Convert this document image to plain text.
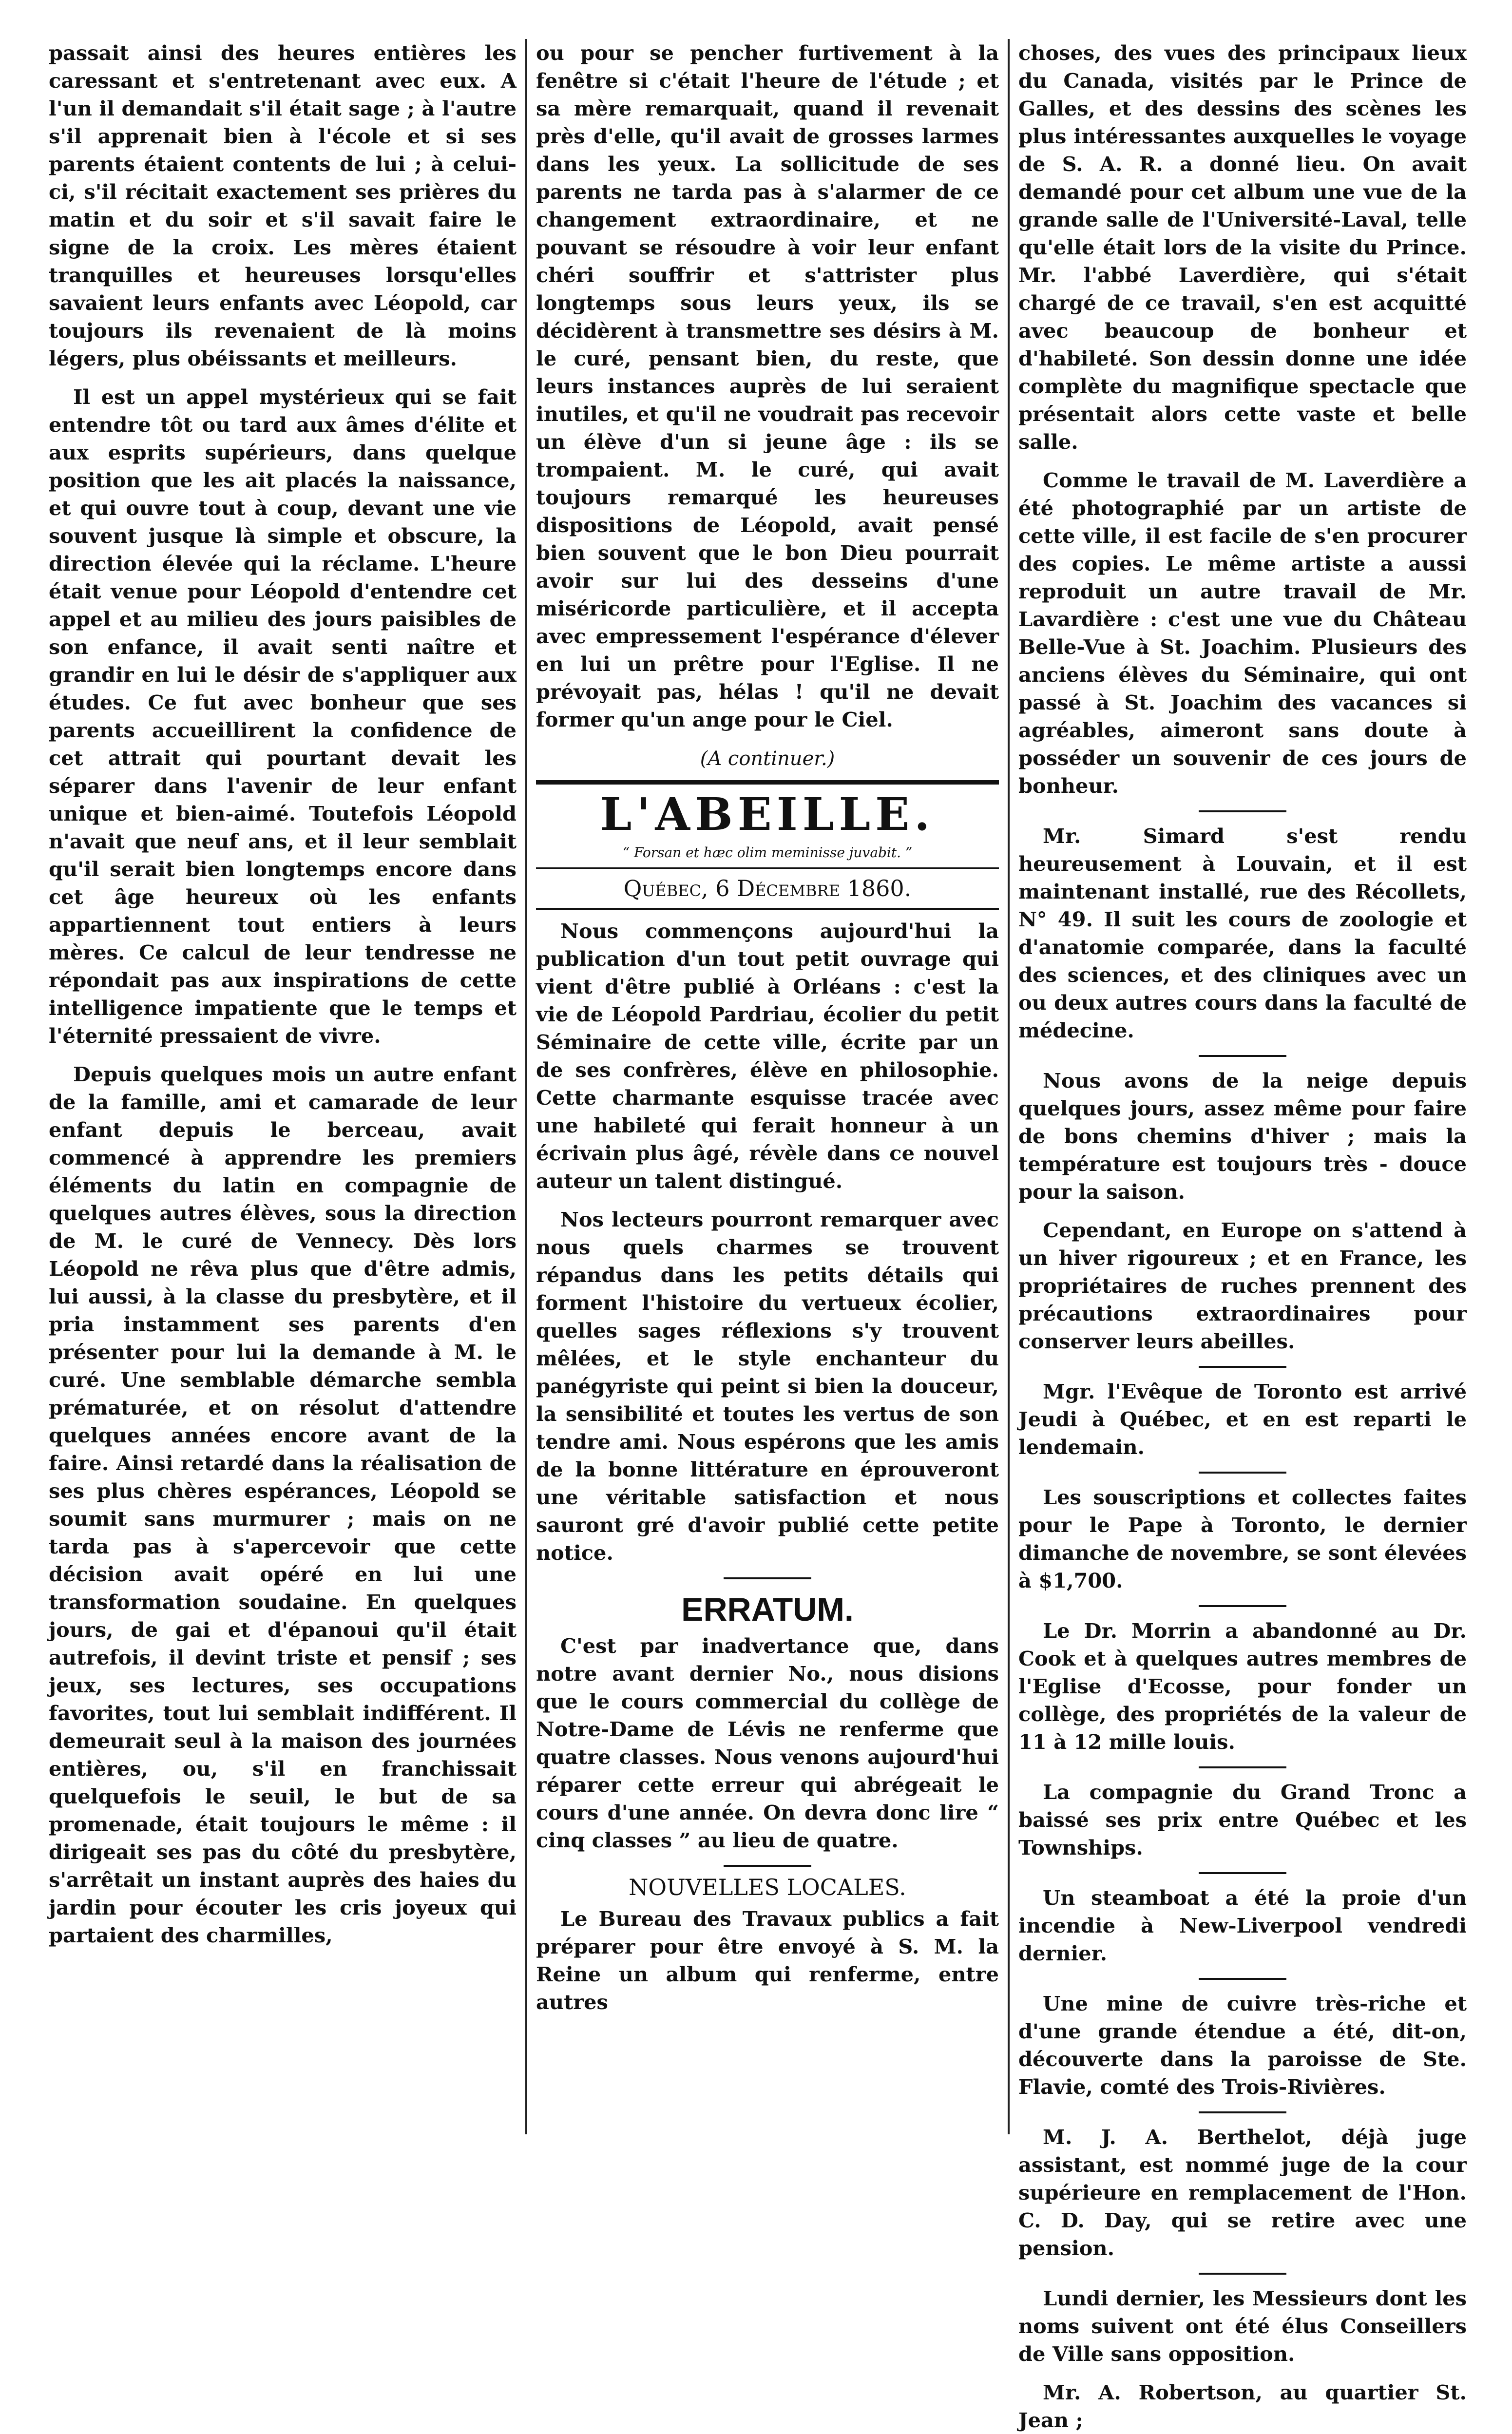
passait ainsi des heures entières les caressant et s'entretenant avec eux. A l'un il demandait s'il était sage ; à l'autre s'il apprenait bien à l'école et si ses parents étaient contents de lui ; à celui-ci, s'il récitait exactement ses prières du matin et du soir et s'il savait faire le signe de la croix. Les mères étaient tranquilles et heureuses lorsqu'elles savaient leurs enfants avec Léopold, car toujours ils revenaient de là moins légers, plus obéissants et meilleurs.

Il est un appel mystérieux qui se fait entendre tôt ou tard aux âmes d'élite et aux esprits supérieurs, dans quelque position que les ait placés la naissance, et qui ouvre tout à coup, devant une vie souvent jusque là simple et obscure, la direction élevée qui la réclame. L'heure était venue pour Léopold d'entendre cet appel et au milieu des jours paisibles de son enfance, il avait senti naître et grandir en lui le désir de s'appliquer aux études. Ce fut avec bonheur que ses parents accueillirent la confidence de cet attrait qui pourtant devait les séparer dans l'avenir de leur enfant unique et bien-aimé. Toutefois Léopold n'avait que neuf ans, et il leur semblait qu'il serait bien longtemps encore dans cet âge heureux où les enfants appartiennent tout entiers à leurs mères. Ce calcul de leur tendresse ne répondait pas aux inspirations de cette intelligence impatiente que le temps et l'éternité pressaient de vivre.

Depuis quelques mois un autre enfant de la famille, ami et camarade de leur enfant depuis le berceau, avait commencé à apprendre les premiers éléments du latin en compagnie de quelques autres élèves, sous la direction de M. le curé de Vennecy. Dès lors Léopold ne rêva plus que d'être admis, lui aussi, à la classe du presbytère, et il pria instamment ses parents d'en présenter pour lui la demande à M. le curé. Une semblable démarche sembla prématurée, et on résolut d'attendre quelques années encore avant de la faire. Ainsi retardé dans la réalisation de ses plus chères espérances, Léopold se soumit sans murmurer ; mais on ne tarda pas à s'apercevoir que cette décision avait opéré en lui une transformation soudaine. En quelques jours, de gai et d'épanoui qu'il était autrefois, il devint triste et pensif ; ses jeux, ses lectures, ses occupations favorites, tout lui semblait indifférent. Il demeurait seul à la maison des journées entières, ou, s'il en franchissait quelquefois le seuil, le but de sa promenade, était toujours le même : il dirigeait ses pas du côté du presbytère, s'arrêtait un instant auprès des haies du jardin pour écouter les cris joyeux qui partaient des charmilles,

ou pour se pencher furtivement à la fenêtre si c'était l'heure de l'étude ; et sa mère remarquait, quand il revenait près d'elle, qu'il avait de grosses larmes dans les yeux. La sollicitude de ses parents ne tarda pas à s'alarmer de ce changement extraordinaire, et ne pouvant se résoudre à voir leur enfant chéri souffrir et s'attrister plus longtemps sous leurs yeux, ils se décidèrent à transmettre ses désirs à M. le curé, pensant bien, du reste, que leurs instances auprès de lui seraient inutiles, et qu'il ne voudrait pas recevoir un élève d'un si jeune âge : ils se trompaient. M. le curé, qui avait toujours remarqué les heureuses dispositions de Léopold, avait pensé bien souvent que le bon Dieu pourrait avoir sur lui des desseins d'une miséricorde particulière, et il accepta avec empressement l'espérance d'élever en lui un prêtre pour l'Eglise. Il ne prévoyait pas, hélas ! qu'il ne devait former qu'un ange pour le Ciel.

(A continuer.)
L'ABEILLE.
“ Forsan et hæc olim meminisse juvabit. ”
Québec, 6 Décembre 1860.

Nous commençons aujourd'hui la publication d'un tout petit ouvrage qui vient d'être publié à Orléans : c'est la vie de Léopold Pardriau, écolier du petit Séminaire de cette ville, écrite par un de ses confrères, élève en philosophie. Cette charmante esquisse tracée avec une habileté qui ferait honneur à un écrivain plus âgé, révèle dans ce nouvel auteur un talent distingué.

Nos lecteurs pourront remarquer avec nous quels charmes se trouvent répandus dans les petits détails qui forment l'histoire du vertueux écolier, quelles sages réflexions s'y trouvent mêlées, et le style enchanteur du panégyriste qui peint si bien la douceur, la sensibilité et toutes les vertus de son tendre ami. Nous espérons que les amis de la bonne littérature en éprouveront une véritable satisfaction et nous sauront gré d'avoir publié cette petite notice.

ERRATUM.

C'est par inadvertance que, dans notre avant dernier No., nous disions que le cours commercial du collège de Notre-Dame de Lévis ne renferme que quatre classes. Nous venons aujourd'hui réparer cette erreur qui abrégeait le cours d'une année. On devra donc lire “ cinq classes ” au lieu de quatre.

NOUVELLES LOCALES.

Le Bureau des Travaux publics a fait préparer pour être envoyé à S. M. la Reine un album qui renferme, entre autres

choses, des vues des principaux lieux du Canada, visités par le Prince de Galles, et des dessins des scènes les plus intéressantes auxquelles le voyage de S. A. R. a donné lieu. On avait demandé pour cet album une vue de la grande salle de l'Université-Laval, telle qu'elle était lors de la visite du Prince. Mr. l'abbé Laverdière, qui s'était chargé de ce travail, s'en est acquitté avec beaucoup de bonheur et d'habileté. Son dessin donne une idée complète du magnifique spectacle que présentait alors cette vaste et belle salle.

Comme le travail de M. Laverdière a été photographié par un artiste de cette ville, il est facile de s'en procurer des copies. Le même artiste a aussi reproduit un autre travail de Mr. Lavardière : c'est une vue du Château Belle-Vue à St. Joachim. Plusieurs des anciens élèves du Séminaire, qui ont passé à St. Joachim des vacances si agréables, aimeront sans doute à posséder un souvenir de ces jours de bonheur.

Mr. Simard s'est rendu heureusement à Louvain, et il est maintenant installé, rue des Récollets, N° 49. Il suit les cours de zoologie et d'anatomie comparée, dans la faculté des sciences, et des cliniques avec un ou deux autres cours dans la faculté de médecine.

Nous avons de la neige depuis quelques jours, assez même pour faire de bons chemins d'hiver ; mais la température est toujours très - douce pour la saison.

Cependant, en Europe on s'attend à un hiver rigoureux ; et en France, les propriétaires de ruches prennent des précautions extraordinaires pour conserver leurs abeilles.

Mgr. l'Evêque de Toronto est arrivé Jeudi à Québec, et en est reparti le lendemain.

Les souscriptions et collectes faites pour le Pape à Toronto, le dernier dimanche de novembre, se sont élevées à $1,700.

Le Dr. Morrin a abandonné au Dr. Cook et à quelques autres membres de l'Eglise d'Ecosse, pour fonder un collège, des propriétés de la valeur de 11 à 12 mille louis.

La compagnie du Grand Tronc a baissé ses prix entre Québec et les Townships.

Un steamboat a été la proie d'un incendie à New-Liverpool vendredi dernier.

Une mine de cuivre très-riche et d'une grande étendue a été, dit-on, découverte dans la paroisse de Ste. Flavie, comté des Trois-Rivières.

M. J. A. Berthelot, déjà juge assistant, est nommé juge de la cour supérieure en remplacement de l'Hon. C. D. Day, qui se retire avec une pension.

Lundi dernier, les Messieurs dont les noms suivent ont été élus Conseillers de Ville sans opposition.

Mr. A. Robertson, au quartier St. Jean ;
